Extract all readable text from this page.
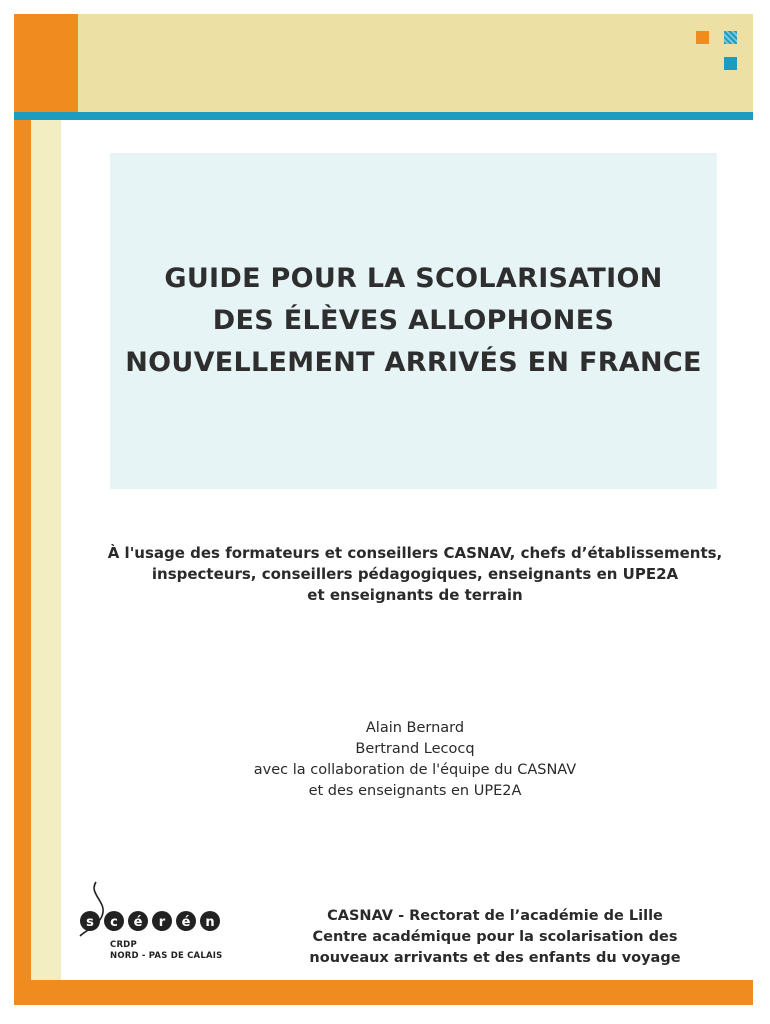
GUIDE POUR LA SCOLARISATION
DES ÉLÈVES ALLOPHONES
NOUVELLEMENT ARRIVÉS EN FRANCE
À l'usage des formateurs et conseillers CASNAV, chefs d’établissements,
inspecteurs, conseillers pédagogiques, enseignants en UPE2A
et enseignants de terrain
Alain Bernard
Bertrand Lecocq
avec la collaboration de l'équipe du CASNAV
et des enseignants en UPE2A
s c é r é n
CRDP
NORD - PAS DE CALAIS
CASNAV - Rectorat de l’académie de Lille
Centre académique pour la scolarisation des
nouveaux arrivants et des enfants du voyage
